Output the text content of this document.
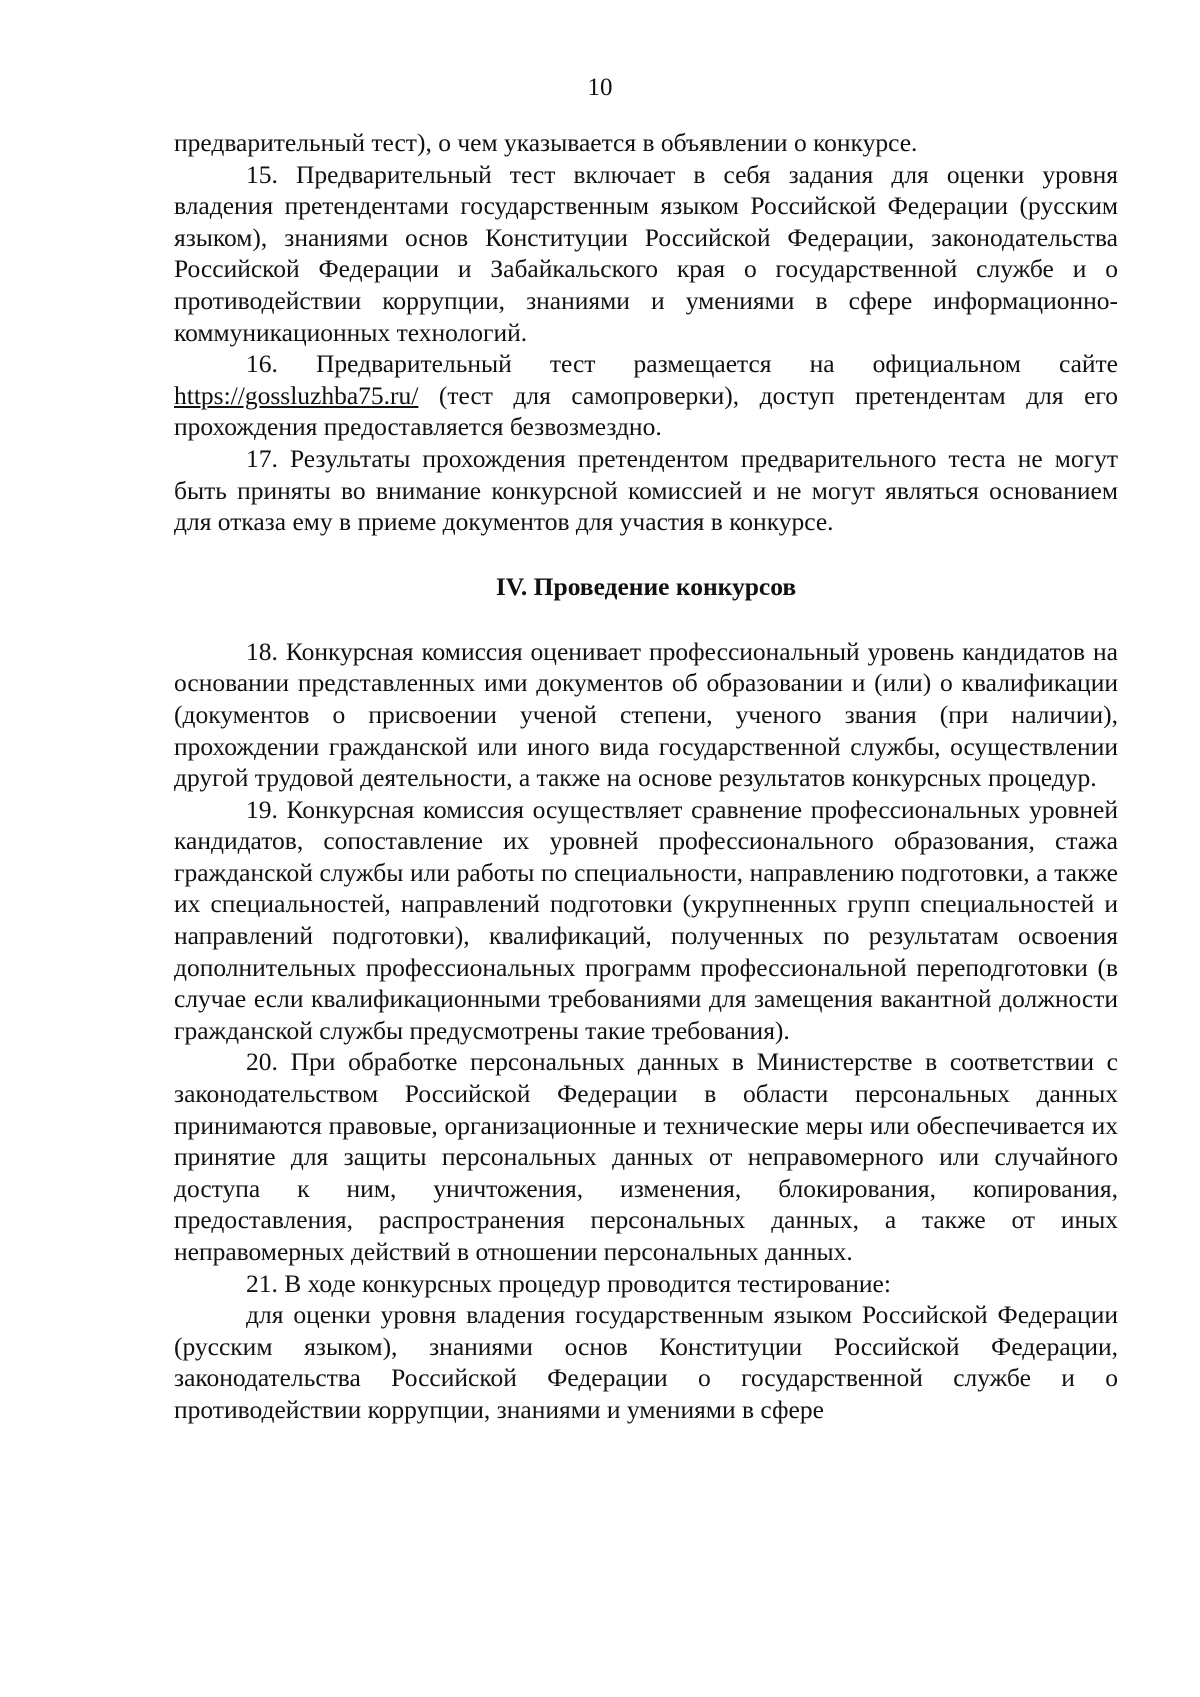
10

предварительный тест), о чем указывается в объявлении о конкурсе.

15. Предварительный тест включает в себя задания для оценки уровня владения претендентами государственным языком Российской Федерации (русским языком), знаниями основ Конституции Российской Федерации, законодательства Российской Федерации и Забайкальского края о государственной службе и о противодействии коррупции, знаниями и умениями в сфере информационно-коммуникационных технологий.

16. Предварительный тест размещается на официальном сайте https://gossluzhba75.ru/ (тест для самопроверки), доступ претендентам для его прохождения предоставляется безвозмездно.

17. Результаты прохождения претендентом предварительного теста не могут быть приняты во внимание конкурсной комиссией и не могут являться основанием для отказа ему в приеме документов для участия в конкурсе.

IV. Проведение конкурсов

18. Конкурсная комиссия оценивает профессиональный уровень кандидатов на основании представленных ими документов об образовании и (или) о квалификации (документов о присвоении ученой степени, ученого звания (при наличии), прохождении гражданской или иного вида государственной службы, осуществлении другой трудовой деятельности, а также на основе результатов конкурсных процедур.

19. Конкурсная комиссия осуществляет сравнение профессиональных уровней кандидатов, сопоставление их уровней профессионального образования, стажа гражданской службы или работы по специальности, направлению подготовки, а также их специальностей, направлений подготовки (укрупненных групп специальностей и направлений подготовки), квалификаций, полученных по результатам освоения дополнительных профессиональных программ профессиональной переподготовки (в случае если квалификационными требованиями для замещения вакантной должности гражданской службы предусмотрены такие требования).

20. При обработке персональных данных в Министерстве в соответствии с законодательством Российской Федерации в области персональных данных принимаются правовые, организационные и технические меры или обеспечивается их принятие для защиты персональных данных от неправомерного или случайного доступа к ним, уничтожения, изменения, блокирования, копирования, предоставления, распространения персональных данных, а также от иных неправомерных действий в отношении персональных данных.

21. В ходе конкурсных процедур проводится тестирование:

для оценки уровня владения государственным языком Российской Федерации (русским языком), знаниями основ Конституции Российской Федерации, законодательства Российской Федерации о государственной службе и о противодействии коррупции, знаниями и умениями в сфере
